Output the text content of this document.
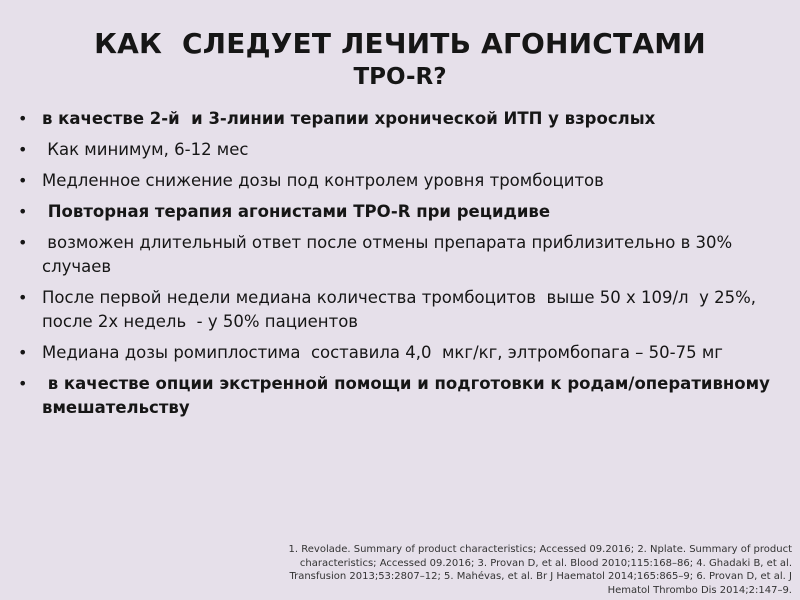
КАК  СЛЕДУЕТ ЛЕЧИТЬ АГОНИСТАМИ
TPO-R?
• в качестве 2-й  и 3-линии терапии хронической ИТП у взрослых
• Как минимум, 6-12 мес
• Медленное снижение дозы под контролем уровня тромбоцитов
• Повторная терапия агонистами TPO-R при рецидиве
• возможен длительный ответ после отмены препарата приблизительно в 30% случаев
• После первой недели медиана количества тромбоцитов  выше 50 х 109/л  у 25%, после 2х недель  - у 50% пациентов
• Медиана дозы ромиплостима  составила 4,0  мкг/кг, элтромбопага – 50-75 мг
• в качестве опции экстренной помощи и подготовки к родам/оперативному вмешательству
1. Revolade. Summary of product characteristics; Accessed 09.2016; 2. Nplate. Summary of product characteristics; Accessed 09.2016; 3. Provan D, et al. Blood 2010;115:168–86; 4. Ghadaki B, et al. Transfusion 2013;53:2807–12; 5. Mahévas, et al. Br J Haematol 2014;165:865–9; 6. Provan D, et al. J Hematol Thrombo Dis 2014;2:147–9.
